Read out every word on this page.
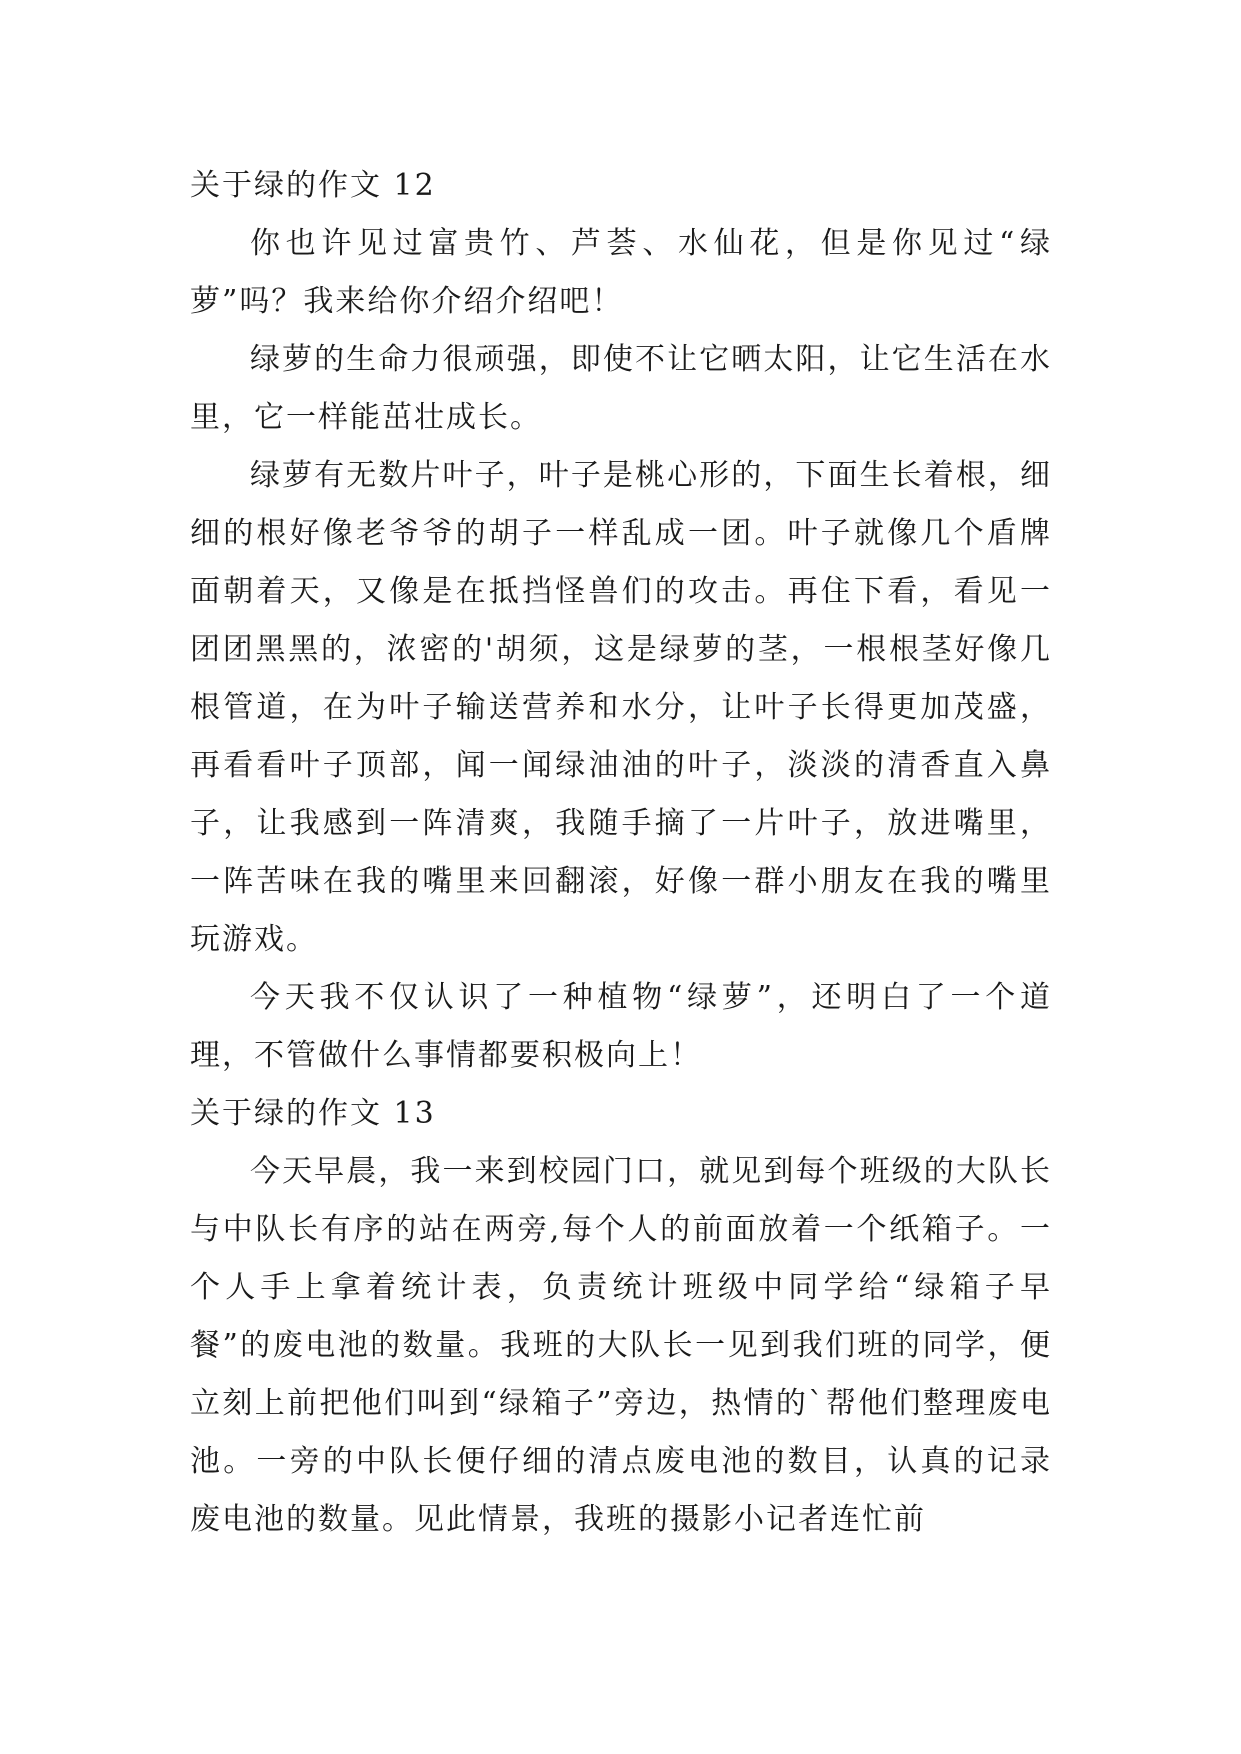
关于绿的作文 12

你也许见过富贵竹、芦荟、水仙花，但是你见过“绿萝”吗？我来给你介绍介绍吧！

绿萝的生命力很顽强，即使不让它晒太阳，让它生活在水里，它一样能茁壮成长。

绿萝有无数片叶子，叶子是桃心形的，下面生长着根，细细的根好像老爷爷的胡子一样乱成一团。叶子就像几个盾牌面朝着天，又像是在抵挡怪兽们的攻击。再住下看，看见一团团黑黑的，浓密的'胡须，这是绿萝的茎，一根根茎好像几根管道，在为叶子输送营养和水分，让叶子长得更加茂盛，再看看叶子顶部，闻一闻绿油油的叶子，淡淡的清香直入鼻子，让我感到一阵清爽，我随手摘了一片叶子，放进嘴里，一阵苦味在我的嘴里来回翻滚，好像一群小朋友在我的嘴里玩游戏。

今天我不仅认识了一种植物“绿萝”，还明白了一个道理，不管做什么事情都要积极向上！

关于绿的作文 13

今天早晨，我一来到校园门口，就见到每个班级的大队长与中队长有序的站在两旁,每个人的前面放着一个纸箱子。一个人手上拿着统计表，负责统计班级中同学给“绿箱子早餐”的废电池的数量。我班的大队长一见到我们班的同学，便立刻上前把他们叫到“绿箱子”旁边，热情的`帮他们整理废电池。一旁的中队长便仔细的清点废电池的数目，认真的记录废电池的数量。见此情景，我班的摄影小记者连忙前
